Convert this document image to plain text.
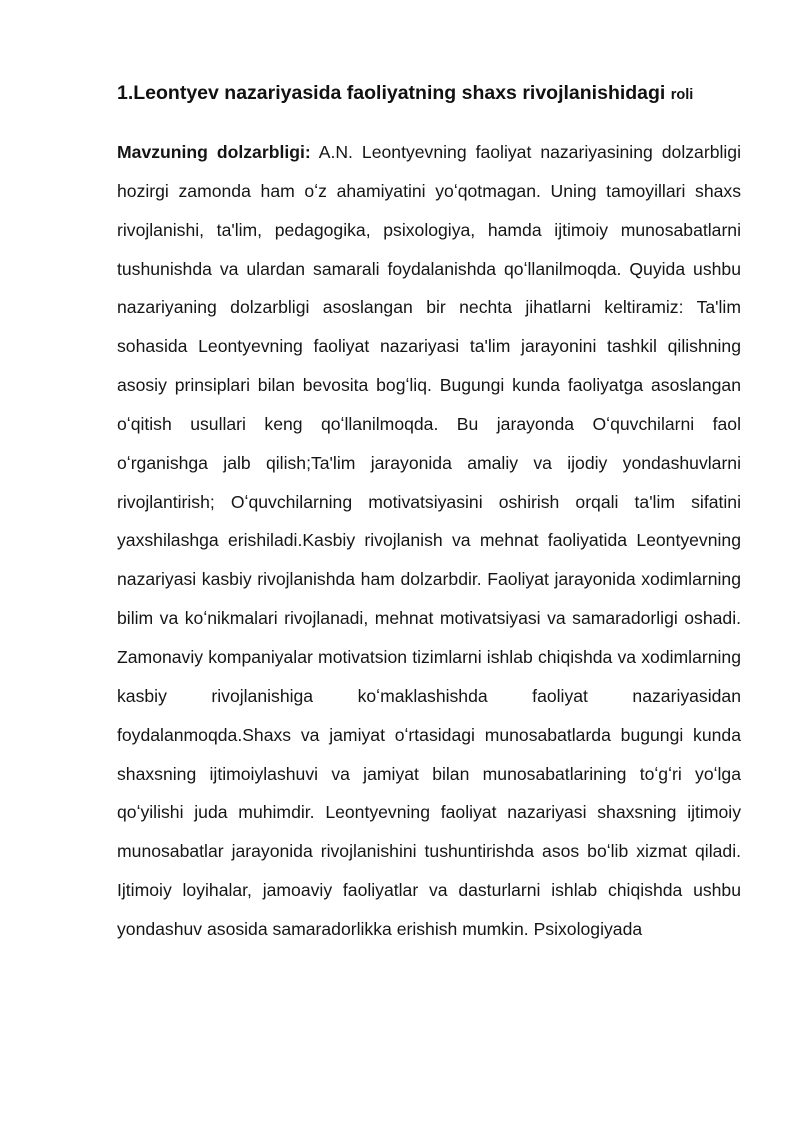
1.Leontyev nazariyasida faoliyatning shaxs rivojlanishidagi roli

Mavzuning dolzarbligi: A.N. Leontyevning faoliyat nazariyasining dolzarbligi hozirgi zamonda ham oʻz ahamiyatini yoʻqotmagan. Uning tamoyillari shaxs rivojlanishi, ta'lim, pedagogika, psixologiya, hamda ijtimoiy munosabatlarni tushunishda va ulardan samarali foydalanishda qoʻllanilmoqda. Quyida ushbu nazariyaning dolzarbligi asoslangan bir nechta jihatlarni keltiramiz: Ta'lim sohasida Leontyevning faoliyat nazariyasi ta'lim jarayonini tashkil qilishning asosiy prinsiplari bilan bevosita bogʻliq. Bugungi kunda faoliyatga asoslangan oʻqitish usullari keng qoʻllanilmoqda. Bu jarayonda Oʻquvchilarni faol oʻrganishga jalb qilish;Ta'lim jarayonida amaliy va ijodiy yondashuvlarni rivojlantirish; Oʻquvchilarning motivatsiyasini oshirish orqali ta'lim sifatini yaxshilashga erishiladi.Kasbiy rivojlanish va mehnat faoliyatida Leontyevning nazariyasi kasbiy rivojlanishda ham dolzarbdir. Faoliyat jarayonida xodimlarning bilim va koʻnikmalari rivojlanadi, mehnat motivatsiyasi va samaradorligi oshadi. Zamonaviy kompaniyalar motivatsion tizimlarni ishlab chiqishda va xodimlarning kasbiy rivojlanishiga koʻmaklashishda faoliyat nazariyasidan foydalanmoqda.Shaxs va jamiyat oʻrtasidagi munosabatlarda bugungi kunda shaxsning ijtimoiylashuvi va jamiyat bilan munosabatlarining toʻgʻri yoʻlga qoʻyilishi juda muhimdir. Leontyevning faoliyat nazariyasi shaxsning ijtimoiy munosabatlar jarayonida rivojlanishini tushuntirishda asos boʻlib xizmat qiladi. Ijtimoiy loyihalar, jamoaviy faoliyatlar va dasturlarni ishlab chiqishda ushbu yondashuv asosida samaradorlikka erishish mumkin. Psixologiyada
